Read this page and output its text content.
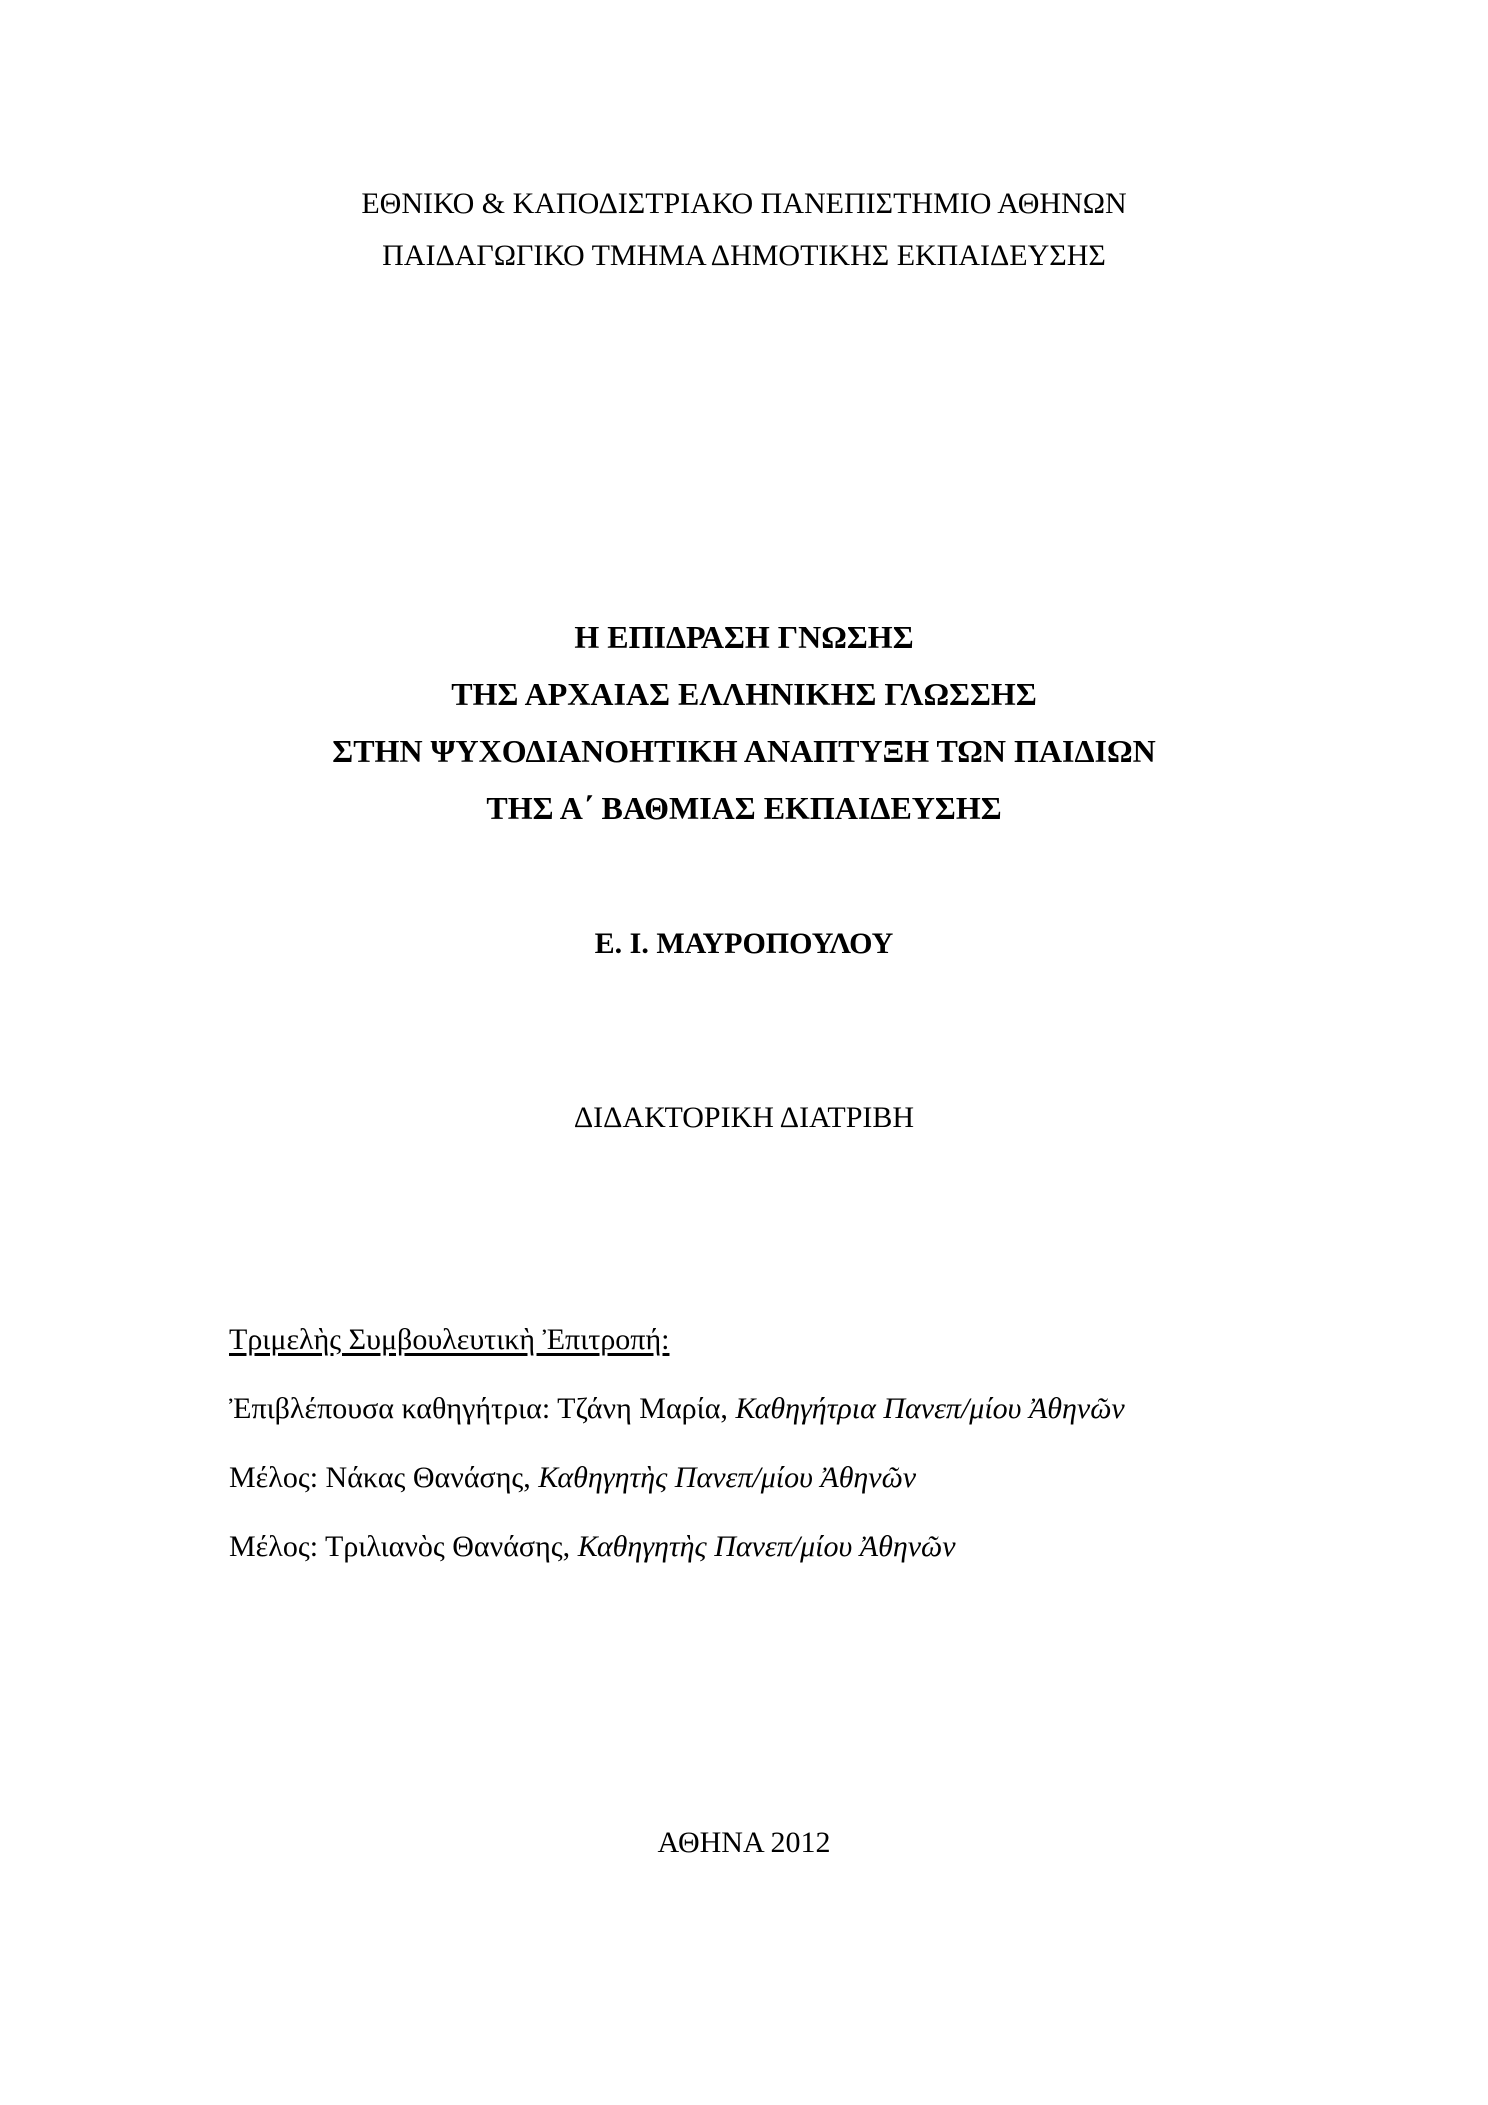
ΕΘΝΙΚΟ & ΚΑΠΟΔΙΣΤΡΙΑΚΟ ΠΑΝΕΠΙΣΤΗΜΙΟ ΑΘΗΝΩΝ
ΠΑΙΔΑΓΩΓΙΚΟ ΤΜΗΜΑ ΔΗΜΟΤΙΚΗΣ ΕΚΠΑΙΔΕΥΣΗΣ
Η ΕΠΙΔΡΑΣΗ ΓΝΩΣΗΣ
ΤΗΣ ΑΡΧΑΙΑΣ ΕΛΛΗΝΙΚΗΣ ΓΛΩΣΣΗΣ
ΣΤΗΝ ΨΥΧΟΔΙΑΝΟΗΤΙΚΗ ΑΝΑΠΤΥΞΗ ΤΩΝ ΠΑΙΔΙΩΝ
ΤΗΣ Α΄ ΒΑΘΜΙΑΣ ΕΚΠΑΙΔΕΥΣΗΣ
Ε. Ι. ΜΑΥΡΟΠΟΥΛΟΥ
ΔΙΔΑΚΤΟΡΙΚΗ ΔΙΑΤΡΙΒΗ
Τριμελὴς Συμβουλευτικὴ Ἐπιτροπή:
Ἐπιβλέπουσα καθηγήτρια: Τζάνη Μαρία, Καθηγήτρια Πανεπ/μίου Ἀθηνῶν
Μέλος: Νάκας Θανάσης, Καθηγητὴς Πανεπ/μίου Ἀθηνῶν
Μέλος: Τριλιανὸς Θανάσης, Καθηγητὴς Πανεπ/μίου Ἀθηνῶν
ΑΘΗΝΑ 2012
